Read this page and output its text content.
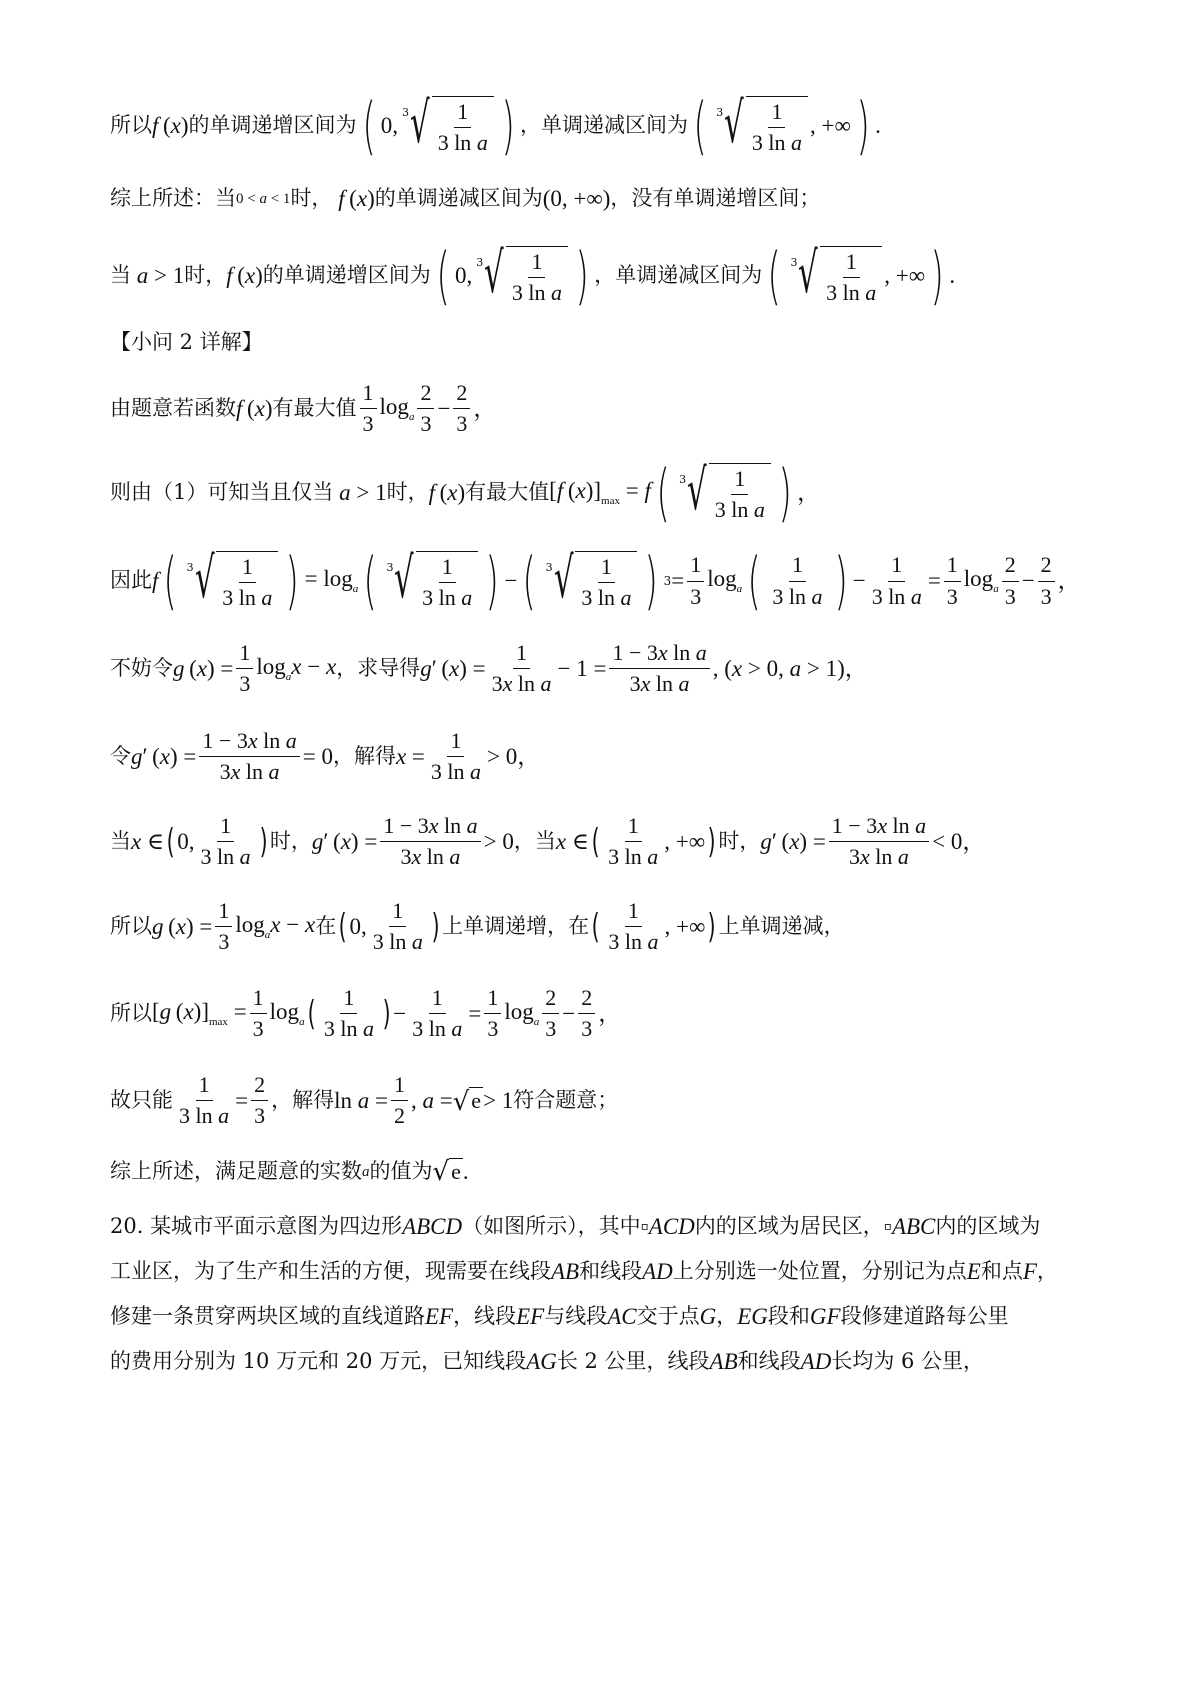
所以 f (x) 的单调递增区间为 ( 0,
3 √ $\frac{1}{\text{3 ln a}}$ ) ，单调递减区间为 ( 3 √ $\frac{1}{\text{3 ln a}}$ , +∞ ) .
综上所述：当 0 < a < 1 时， f (x) 的单调递减区间为 (0, +∞) ，没有单调递增区间；
当 a > 1 时， f (x) 的单调递增区间为 ( 0,
3 √ $\frac{1}{\text{3 ln a}}$ ) ，单调递减区间为 ( 3 √ $\frac{1}{\text{3 ln a}}$ , +∞ ) .
【小问 2 详解】
由题意若函数 f (x) 有最大值 $\frac{1}{3} \log_a \frac{2}{3} - \frac{2}{3}$ ，
则由（1）可知当且仅当 a > 1 时， f (x) 有最大值 [f $(x)]_{max} = f$ ( 3 √ $\frac{1}{\text{3 ln a}}$ ) ，
因此 f ( 3 √ $\frac{1}{\text{3 ln a}}$ ) = $\log_a$ ( 3 √ $\frac{1}{\text{3 ln a}}$ ) − ( 3 √ $\frac{1}{\text{3 ln a}}$ ) $3 = \frac{1}{3} \log_a$ ( $\frac{1}{\text{3 ln a}}$ ) − $\frac{1}{\text{3 ln a}} = \frac{1}{3} \log_a \frac{2}{3} - \frac{2}{3}$ ，
不妨令 g $(x) = \frac{1}{3} \log_ax - x$ ，求导得 g′ $(x) = \frac{1}{\text{3x ln a}} - 1 = \frac{\text{1 − 3x ln a}}{\text{3x ln a}}$ , (x > 0, a > 1)，
令 g′ $(x) = \frac{\text{1 − 3x ln a}}{\text{3x ln a}} = 0$ ，解得 $x = \frac{1}{\text{3 ln a}} > 0$，
当 x ∈ ( 0, $\frac{1}{\text{3 ln a}}$ ) 时， g′ $(x) = \frac{\text{1 − 3x ln a}}{\text{3x ln a}} > 0$ ，当 x ∈ ( $\frac{1}{\text{3 ln a}}$ , +∞ ) 时， g′ $(x) = \frac{\text{1 − 3x ln a}}{\text{3x ln a}} < 0$，
所以 g $(x) = \frac{1}{3} \log_ax - x$ 在 ( 0, $\frac{1}{\text{3 ln a}}$ ) 上单调递增，在 ( $\frac{1}{\text{3 ln a}}$ , +∞ ) 上单调递减，
所以 [g $(x)]_{max} = \frac{1}{3} \log_a$ ( $\frac{1}{\text{3 ln a}}$ ) − $\frac{1}{\text{3 ln a}} = \frac{1}{3} \log_a \frac{2}{3} - \frac{2}{3}$ ，
故只能 $\frac{1}{\text{3 ln a}} = \frac{2}{3}$ ，解得 $\ln a = \frac{1}{2}$ , a = √ e > 1 符合题意；
综上所述，满足题意的实数 a 的值为 √ e .
20. 某城市平面示意图为四边形 ABCD （如图所示），其中 ▫ACD 内的区域为居民区， ▫ABC 内的区域为
工业区，为了生产和生活的方便，现需要在线段 AB 和线段 AD 上分别选一处位置，分别记为点 E 和点 F ，
修建一条贯穿两块区域的直线道路 EF ，线段 EF 与线段 AC 交于点 G ， EG 段和 GF 段修建道路每公里
的费用分别为 10 万元和 20 万元，已知线段 AG 长 2 公里，线段 AB 和线段 AD 长均为 6 公里，
